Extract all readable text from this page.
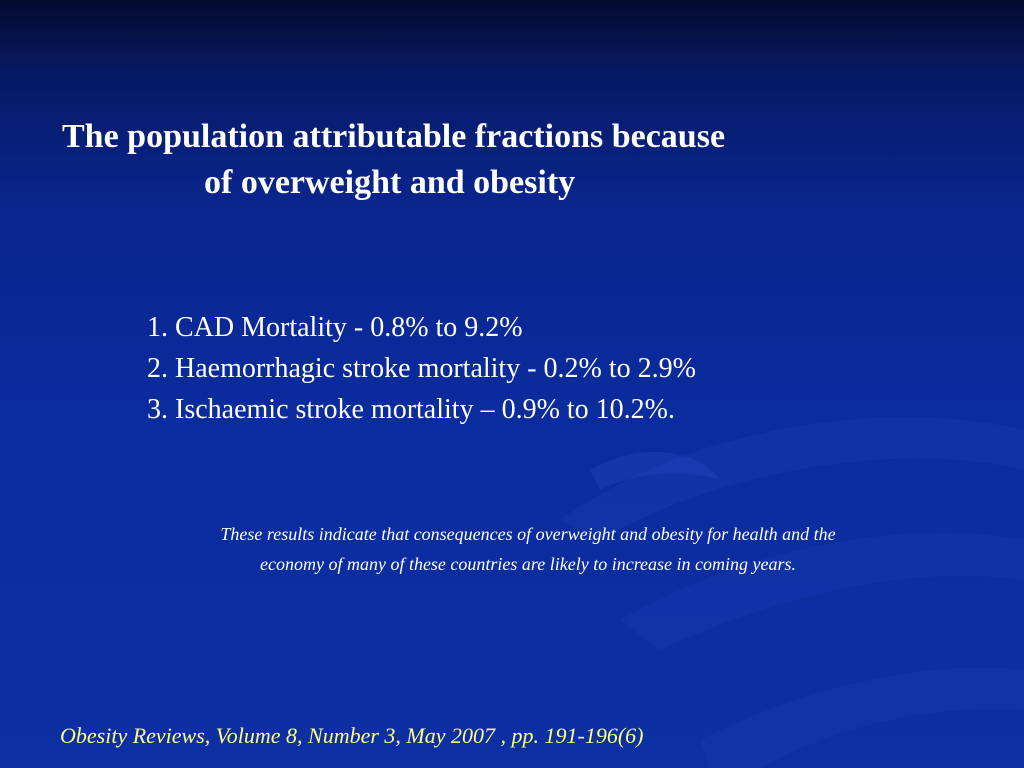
The population attributable fractions because
of overweight and obesity
1. CAD Mortality - 0.8% to 9.2%
2. Haemorrhagic stroke mortality - 0.2% to 2.9%
3. Ischaemic stroke mortality – 0.9% to 10.2%.

These results indicate that consequences of overweight and obesity for health and the
economy of many of these countries are likely to increase in coming years.

Obesity Reviews, Volume 8, Number 3, May 2007 , pp. 191-196(6)
